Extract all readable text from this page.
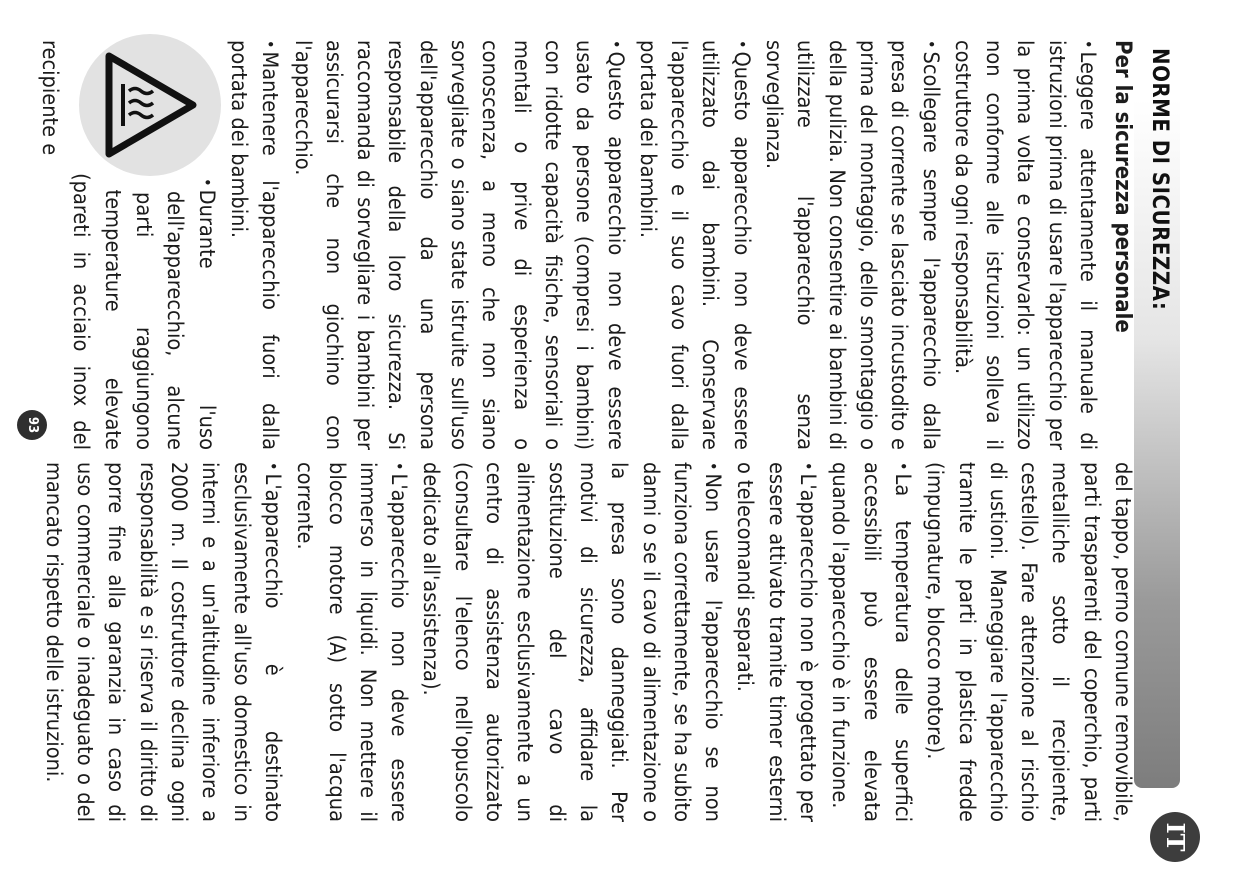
NORME DI SICUREZZA:
IT
Per la sicurezza personale

•Leggere attentamente il manuale di istruzioni prima di usare l'apparecchio per la prima volta e conservarlo: un utilizzo non conforme alle istruzioni solleva il costruttore da ogni responsabilità.

•Scollegare sempre l'apparecchio dalla presa di corrente se lasciato incustodito e prima del montaggio, dello smontaggio o della pulizia. Non consentire ai bambini di utilizzare l'apparecchio senza sorveglianza.

•Questo apparecchio non deve essere utilizzato dai bambini. Conservare l'apparecchio e il suo cavo fuori dalla portata dei bambini.

•Questo apparecchio non deve essere usato da persone (compresi i bambini) con ridotte capacità fisiche, sensoriali o mentali o prive di esperienza o conoscenza, a meno che non siano sorvegliate o siano state istruite sull'uso dell'apparecchio da una persona responsabile della loro sicurezza. Si raccomanda di sorvegliare i bambini per assicurarsi che non giochino con l'apparecchio.

•Mantenere l'apparecchio fuori dalla portata dei bambini.

•Durante l'uso dell'apparecchio, alcune parti raggiungono temperature elevate (pareti in acciaio inox del recipiente e

del tappo, perno comune removibile, parti trasparenti del coperchio, parti metalliche sotto il recipiente, cestello). Fare attenzione al rischio di ustioni. Maneggiare l'apparecchio tramite le parti in plastica fredde (impugnature, blocco motore).

•La temperatura delle superfici accessibili può essere elevata quando l'apparecchio è in funzione.

•L'apparecchio non è progettato per essere attivato tramite timer esterni o telecomandi separati.

•Non usare l'apparecchio se non funziona correttamente, se ha subito danni o se il cavo di alimentazione o la presa sono danneggiati. Per motivi di sicurezza, affidare la sostituzione del cavo di alimentazione esclusivamente a un centro di assistenza autorizzato (consultare l'elenco nell'opuscolo dedicato all'assistenza).

•L'apparecchio non deve essere immerso in liquidi. Non mettere il blocco motore (A) sotto l'acqua corrente.

•L'apparecchio è destinato esclusivamente all'uso domestico in interni e a un'altitudine inferiore a 2000 m. Il costruttore declina ogni responsabilità e si riserva il diritto di porre fine alla garanzia in caso di uso commerciale o inadeguato o del mancato rispetto delle istruzioni.

93
